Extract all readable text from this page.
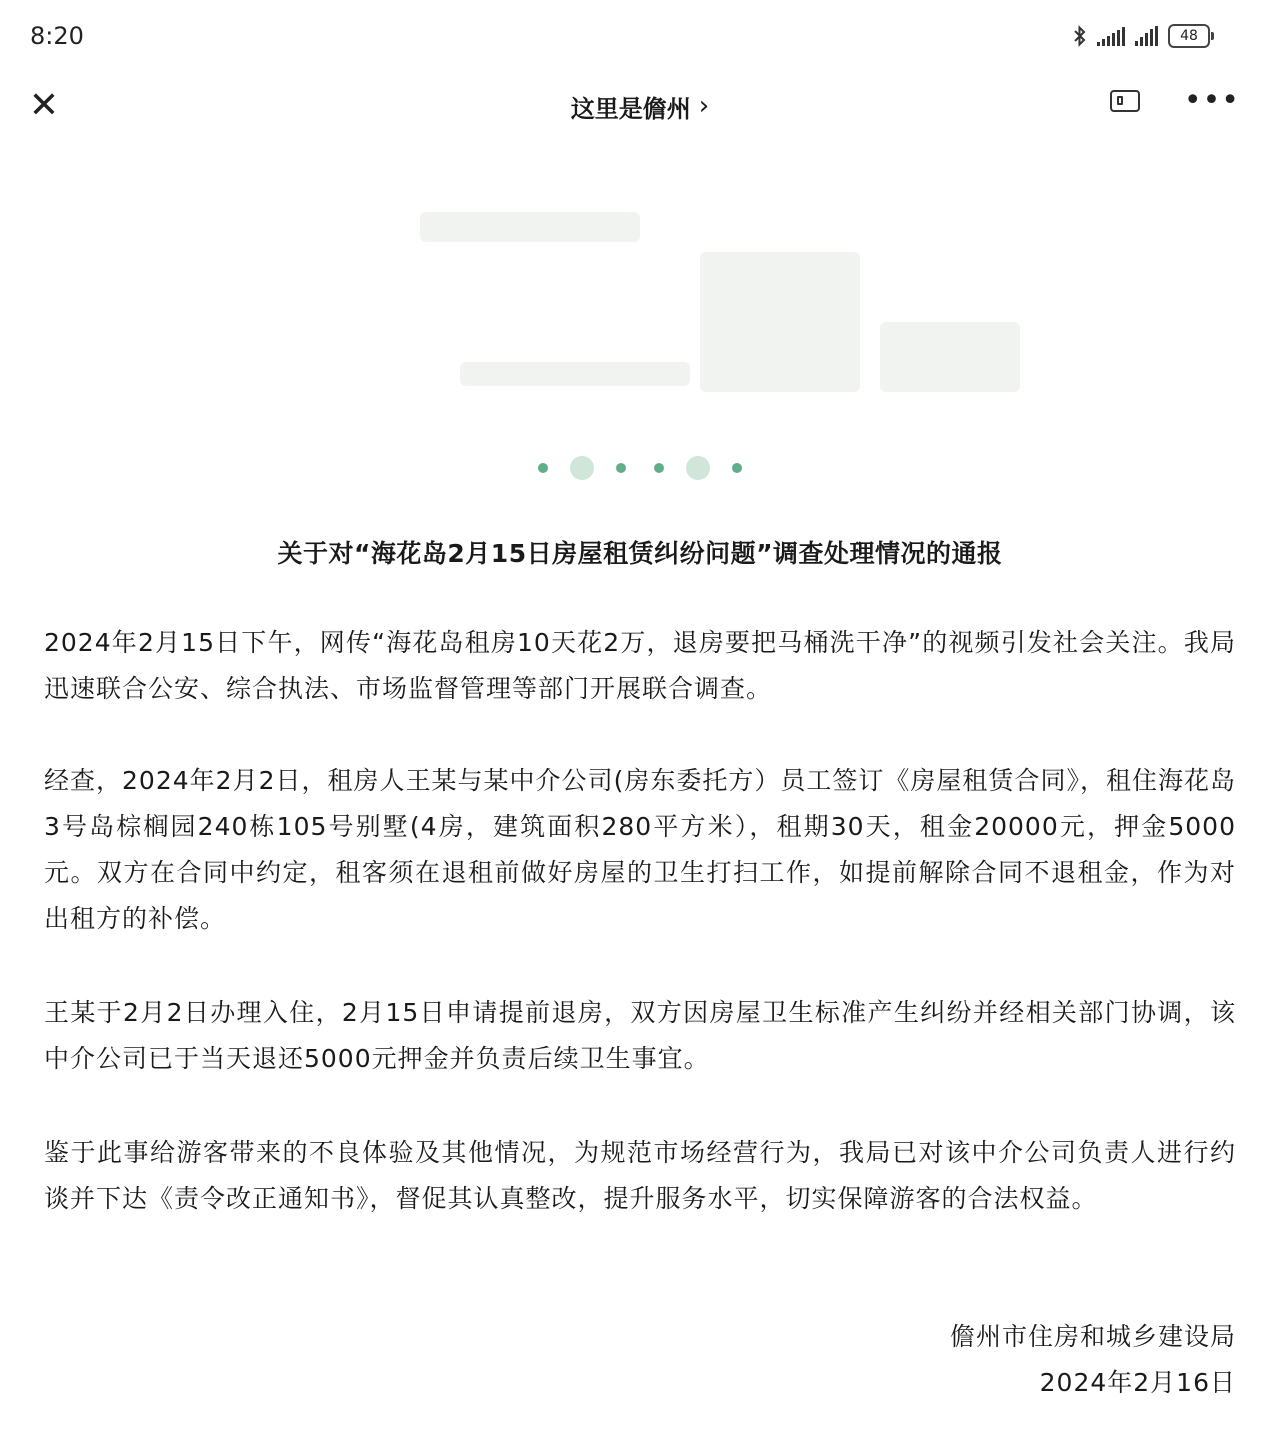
8:20	48
✕	这里是儋州 ›	•••
关于对“海花岛2月15日房屋租赁纠纷问题”调查处理情况的通报

2024年2月15日下午，网传“海花岛租房10天花2万，退房要把马桶洗干净”的视频引发社会关注。我局迅速联合公安、综合执法、市场监督管理等部门开展联合调查。

经查，2024年2月2日，租房人王某与某中介公司(房东委托方）员工签订《房屋租赁合同》，租住海花岛3号岛棕榈园240栋105号别墅(4房，建筑面积280平方米），租期30天，租金20000元，押金5000元。双方在合同中约定，租客须在退租前做好房屋的卫生打扫工作，如提前解除合同不退租金，作为对出租方的补偿。

王某于2月2日办理入住，2月15日申请提前退房，双方因房屋卫生标准产生纠纷并经相关部门协调，该中介公司已于当天退还5000元押金并负责后续卫生事宜。

鉴于此事给游客带来的不良体验及其他情况，为规范市场经营行为，我局已对该中介公司负责人进行约谈并下达《责令改正通知书》，督促其认真整改，提升服务水平，切实保障游客的合法权益。

儋州市住房和城乡建设局
2024年2月16日
